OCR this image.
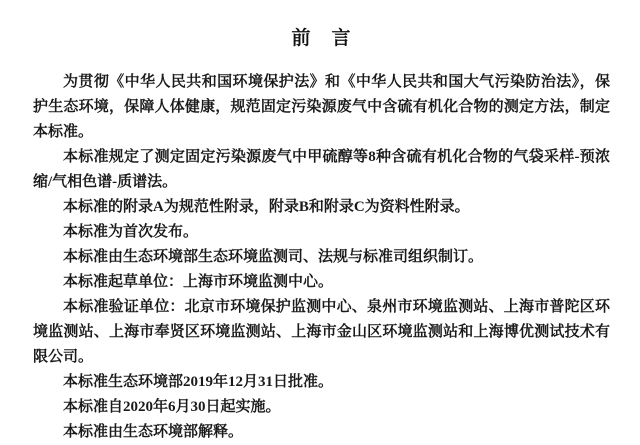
前　言

为贯彻《中华人民共和国环境保护法》和《中华人民共和国大气污染防治法》，保护生态环境，保障人体健康，规范固定污染源废气中含硫有机化合物的测定方法，制定本标准。

本标准规定了测定固定污染源废气中甲硫醇等8种含硫有机化合物的气袋采样-预浓缩/气相色谱-质谱法。

本标准的附录A为规范性附录，附录B和附录C为资料性附录。

本标准为首次发布。

本标准由生态环境部生态环境监测司、法规与标准司组织制订。

本标准起草单位：上海市环境监测中心。

本标准验证单位：北京市环境保护监测中心、泉州市环境监测站、上海市普陀区环境监测站、上海市奉贤区环境监测站、上海市金山区环境监测站和上海博优测试技术有限公司。

本标准生态环境部2019年12月31日批准。

本标准自2020年6月30日起实施。

本标准由生态环境部解释。
